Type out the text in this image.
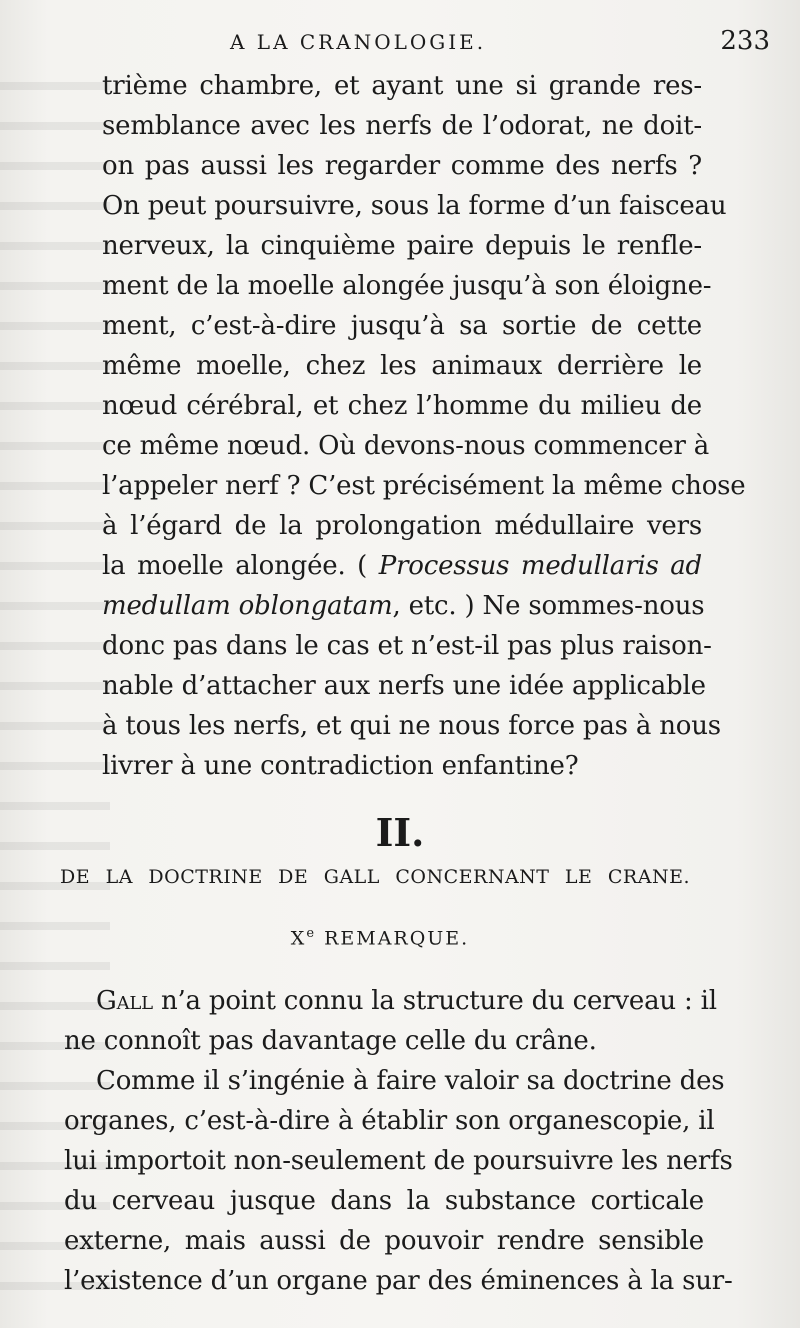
A LA CRANOLOGIE.	233
trième chambre, et ayant une si grande res-
semblance avec les nerfs de l’odorat, ne doit-
on pas aussi les regarder comme des nerfs ?
On peut poursuivre, sous la forme d’un faisceau
nerveux, la cinquième paire depuis le renfle-
ment de la moelle alongée jusqu’à son éloigne-
ment, c’est-à-dire jusqu’à sa sortie de cette
même moelle, chez les animaux derrière le
nœud cérébral, et chez l’homme du milieu de
ce même nœud. Où devons-nous commencer à
l’appeler nerf ? C’est précisément la même chose
à l’égard de la prolongation médullaire vers
la moelle alongée. ( Processus medullaris ad
medullam oblongatam, etc. ) Ne sommes-nous
donc pas dans le cas et n’est-il pas plus raison-
nable d’attacher aux nerfs une idée applicable
à tous les nerfs, et qui ne nous force pas à nous
livrer à une contradiction enfantine?
II.
DE LA DOCTRINE DE GALL CONCERNANT LE CRANE.
Xe REMARQUE.
Gall n’a point connu la structure du cerveau : il
ne connoît pas davantage celle du crâne.
Comme il s’ingénie à faire valoir sa doctrine des
organes, c’est-à-dire à établir son organescopie, il
lui importoit non-seulement de poursuivre les nerfs
du cerveau jusque dans la substance corticale
externe, mais aussi de pouvoir rendre sensible
l’existence d’un organe par des éminences à la sur-
